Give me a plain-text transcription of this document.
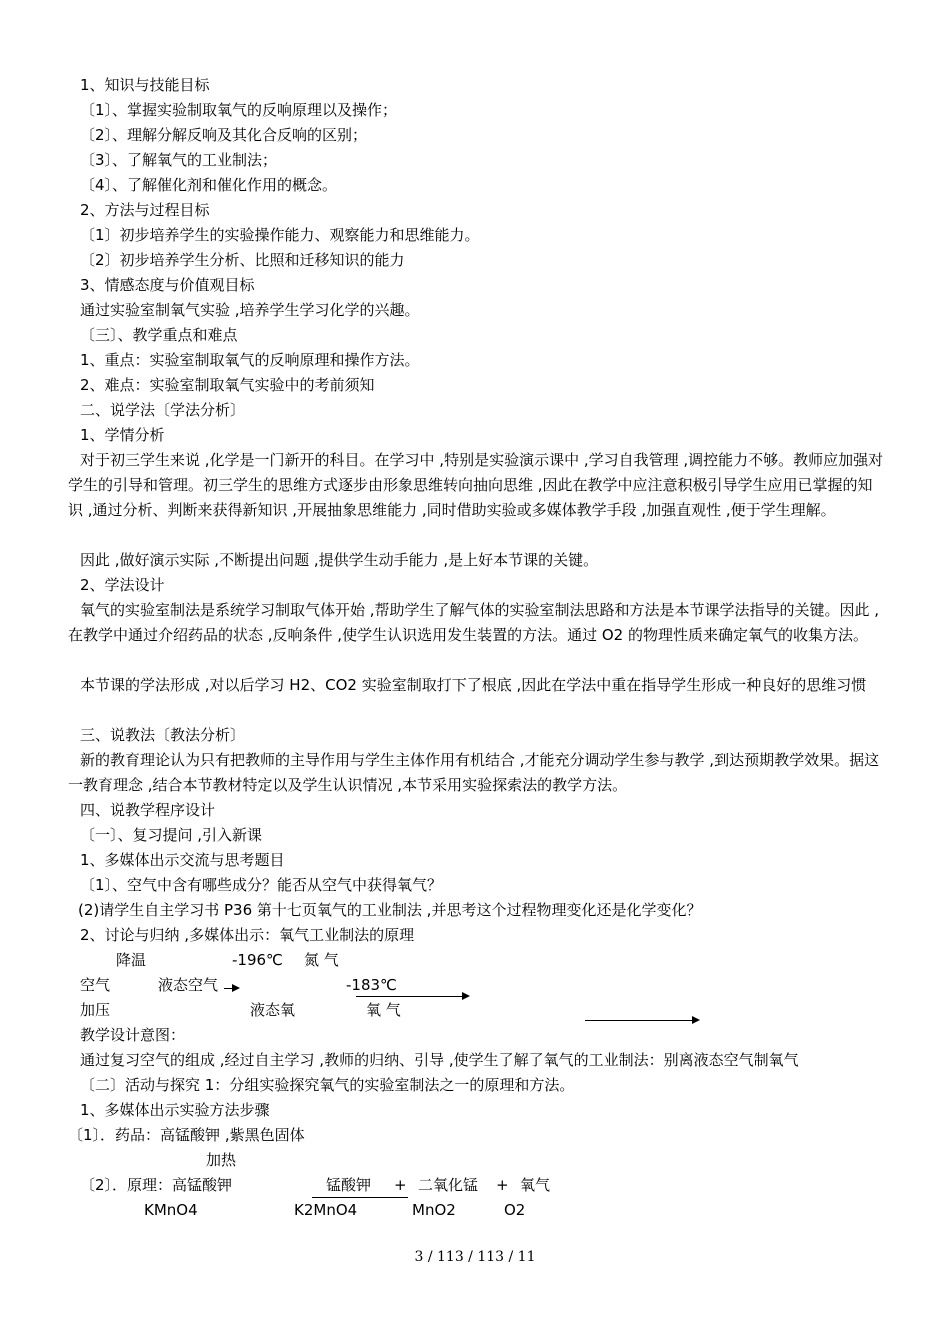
1、知识与技能目标
〔1〕、掌握实验制取氧气的反响原理以及操作；
〔2〕、理解分解反响及其化合反响的区别；
〔3〕、了解氧气的工业制法；
〔4〕、了解催化剂和催化作用的概念。
2、方法与过程目标
〔1〕初步培养学生的实验操作能力、观察能力和思维能力。
〔2〕初步培养学生分析、比照和迁移知识的能力
3、情感态度与价值观目标
通过实验室制氧气实验 ,培养学生学习化学的兴趣。
〔三〕、教学重点和难点
1、重点：实验室制取氧气的反响原理和操作方法。
2、难点：实验室制取氧气实验中的考前须知
二、说学法〔学法分析〕
1、学情分析
对于初三学生来说 ,化学是一门新开的科目。在学习中 ,特别是实验演示课中 ,学习自我管理 ,调控能力不够。教师应加强对学生的引导和管理。初三学生的思维方式逐步由形象思维转向抽向思维 ,因此在教学中应注意积极引导学生应用已掌握的知识 ,通过分析、判断来获得新知识 ,开展抽象思维能力 ,同时借助实验或多媒体教学手段 ,加强直观性 ,便于学生理解。
因此 ,做好演示实际 ,不断提出问题 ,提供学生动手能力 ,是上好本节课的关键。
2、学法设计
氧气的实验室制法是系统学习制取气体开始 ,帮助学生了解气体的实验室制法思路和方法是本节课学法指导的关键。因此 ,在教学中通过介绍药品的状态 ,反响条件 ,使学生认识选用发生装置的方法。通过 O2 的物理性质来确定氧气的收集方法。
本节课的学法形成 ,对以后学习 H2、CO2 实验室制取打下了根底 ,因此在学法中重在指导学生形成一种良好的思维习惯
三、说教法〔教法分析〕
新的教育理论认为只有把教师的主导作用与学生主体作用有机结合 ,才能充分调动学生参与教学 ,到达预期教学效果。据这一教育理念 ,结合本节教材特定以及学生认识情况 ,本节采用实验探索法的教学方法。
四、说教学程序设计
〔一〕、复习提问 ,引入新课
1、多媒体出示交流与思考题目
〔1〕、空气中含有哪些成分？能否从空气中获得氧气？
(2)请学生自主学习书 P36 第十七页氧气的工业制法 ,并思考这个过程物理变化还是化学变化？
2、讨论与归纳 ,多媒体出示：氧气工业制法的原理
降温	-196℃ 氮 气
空气	液态空气	-183℃
加压	液态氧	氧 气
教学设计意图：
通过复习空气的组成 ,经过自主学习 ,教师的归纳、引导 ,使学生了解了氧气的工业制法：别离液态空气制氧气
〔二〕活动与探究 1：分组实验探究氧气的实验室制法之一的原理和方法。
1、多媒体出示实验方法步骤
〔1〕．药品：高锰酸钾 ,紫黑色固体
加热
〔2〕．原理：高锰酸钾	锰酸钾 + 二氧化锰 + 氧气
KMnO4	K2MnO4	MnO2	O2
3 / 113 / 113 / 11
